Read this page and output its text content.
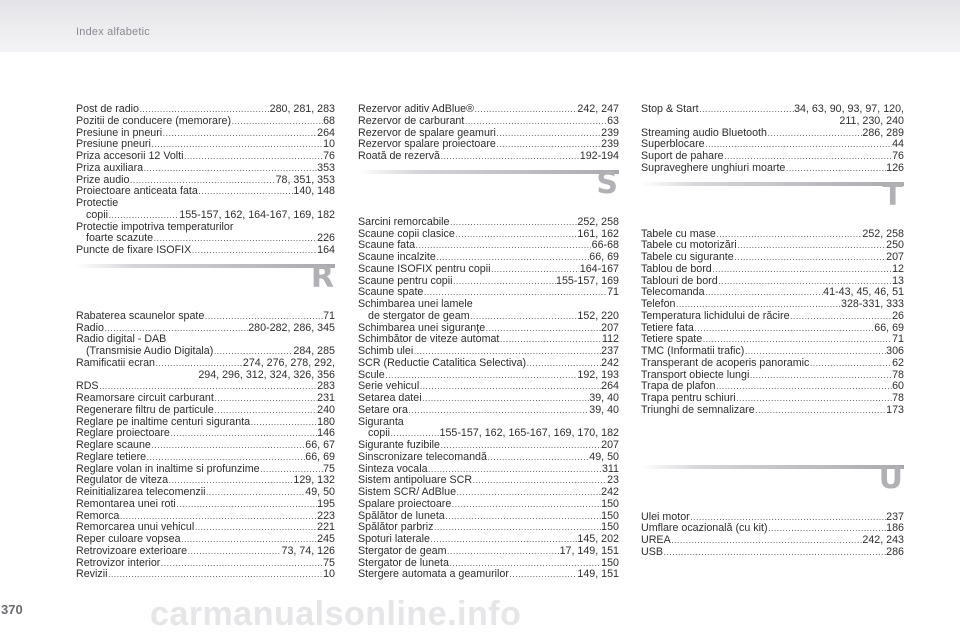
Index alfabetic
Post de radio .....	280, 281, 283
Pozitii de conducere (memorare) .....	68
Presiune in pneuri .....	264
Presiune pneuri .....	10
Priza accesorii 12 Volti .....	76
Priza auxiliara .....	353
Prize audio .....	78, 351, 353
Proiectoare anticeata fata .....	140, 148
Protectie
copii .....	155-157, 162, 164-167, 169, 182
Protectie impotriva temperaturilor
foarte scazute .....	226
Puncte de fixare ISOFIX .....	164
R
Rabaterea scaunelor spate .....	71
Radio .....	280-282, 286, 345
Radio digital - DAB
(Transmisie Audio Digitala) .....	284, 285
Ramificatii ecran .....	274, 276, 278, 292,
294, 296, 312, 324, 326, 356
RDS .....	283
Reamorsare circuit carburant .....	231
Regenerare filtru de particule .....	240
Reglare pe inaltime centuri siguranta .....	180
Reglare proiectoare .....	146
Reglare scaune .....	66, 67
Reglare tetiere .....	66, 69
Reglare volan in inaltime si profunzime .....	75
Regulator de viteza .....	129, 132
Reinitializarea telecomenzii .....	49, 50
Remontarea unei roti .....	195
Remorca .....	223
Remorcarea unui vehicul .....	221
Reper culoare vopsea .....	245
Retrovizoare exterioare .....	73, 74, 126
Retrovizor interior .....	75
Revizii .....	10
Rezervor aditiv AdBlue® .....	242, 247
Rezervor de carburant .....	63
Rezervor de spalare geamuri .....	239
Rezervor spalare proiectoare .....	239
Roată de rezervă .....	192-194
S
Sarcini remorcabile .....	252, 258
Scaune copii clasice .....	161, 162
Scaune fata .....	66-68
Scaune incalzite .....	66, 69
Scaune ISOFIX pentru copii .....	164-167
Scaune pentru copii .....	155-157, 169
Scaune spate .....	71
Schimbarea unei lamele
de stergator de geam .....	152, 220
Schimbarea unei siguranţe .....	207
Schimbător de viteze automat .....	112
Schimb ulei .....	237
SCR (Reductie Catalitica Selectiva) .....	242
Scule .....	192, 193
Serie vehicul .....	264
Setarea datei .....	39, 40
Setare ora .....	39, 40
Siguranta
copii .....	155-157, 162, 165-167, 169, 170, 182
Sigurante fuzibile .....	207
Sinscronizare telecomandă .....	49, 50
Sinteza vocala .....	311
Sistem antipoluare SCR .....	23
Sistem SCR/ AdBlue .....	242
Spalare proiectoare .....	150
Spălător de luneta .....	150
Spălător parbriz .....	150
Spoturi laterale .....	145, 202
Stergator de geam .....	17, 149, 151
Stergator de luneta .....	150
Stergere automata a geamurilor .....	149, 151
Stop & Start .....	34, 63, 90, 93, 97, 120,
211, 230, 240
Streaming audio Bluetooth .....	286, 289
Superblocare .....	44
Suport de pahare .....	76
Supraveghere unghiuri moarte .....	126
T
Tabele cu mase .....	252, 258
Tabele cu motorizări .....	250
Tabele cu sigurante .....	207
Tablou de bord .....	12
Tablouri de bord .....	13
Telecomanda .....	41-43, 45, 46, 51
Telefon .....	328-331, 333
Temperatura lichidului de răcire .....	26
Tetiere fata .....	66, 69
Tetiere spate .....	71
TMC (Informatii trafic) .....	306
Transperant de acoperis panoramic .....	62
Transport obiecte lungi .....	78
Trapa de plafon .....	60
Trapa pentru schiuri .....	78
Triunghi de semnalizare .....	173
U
Ulei motor .....	237
Umflare ocazională (cu kit) .....	186
UREA .....	242, 243
USB .....	286
carmanualsonline.info
370
